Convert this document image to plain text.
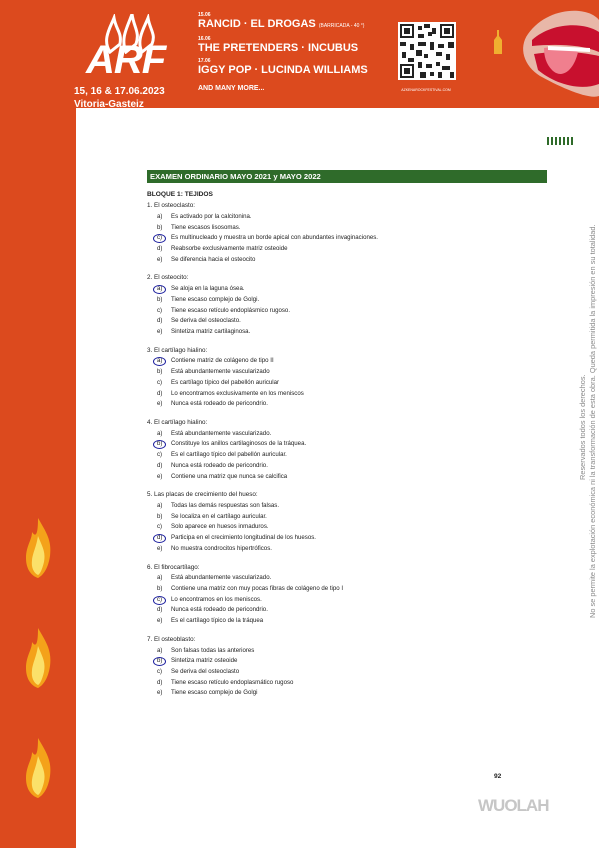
ARF
15, 16 & 17.06.2023
Vitoria-Gasteiz
15.06
RANCID · EL DROGAS (BARRICADA - 40 °)
16.06
THE PRETENDERS · INCUBUS
17.06
IGGY POP · LUCINDA WILLIAMS
AND MANY MORE...	AZKENAROCKFESTIVAL.COM
Reservados todos los derechos. No se permite la explotación económica ni la transformación de esta obra. Queda permitida la impresión en su totalidad.
EXAMEN ORDINARIO MAYO 2021 y MAYO 2022
BLOQUE 1: TEJIDOS
1. El osteoclasto:
a) Es activado por la calcitonina.
b) Tiene escasos lisosomas.
c) Es multinucleado y muestra un borde apical con abundantes invaginaciones.
d) Reabsorbe exclusivamente matriz osteoide
e) Se diferencia hacia el osteocito
2. El osteocito:
a) Se aloja en la laguna ósea.
b) Tiene escaso complejo de Golgi.
c) Tiene escaso retículo endoplásmico rugoso.
d) Se deriva del osteoclasto.
e) Sintetiza matriz cartilaginosa.
3. El cartílago hialino:
a) Contiene matriz de colágeno de tipo II
b) Está abundantemente vascularizado
c) Es cartílago típico del pabellón auricular
d) Lo encontramos exclusivamente en los meniscos
e) Nunca está rodeado de pericondrio.
4. El cartílago hialino:
a) Está abundantemente vascularizado.
b) Constituye los anillos cartilaginosos de la tráquea.
c) Es el cartílago típico del pabellón auricular.
d) Nunca está rodeado de pericondrio.
e) Contiene una matriz que nunca se calcifica
5. Las placas de crecimiento del hueso:
a) Todas las demás respuestas son falsas.
b) Se localiza en el cartílago auricular.
c) Solo aparece en huesos inmaduros.
d) Participa en el crecimiento longitudinal de los huesos.
e) No muestra condrocitos hipertróficos.
6. El fibrocartílago:
a) Está abundantemente vascularizado.
b) Contiene una matriz con muy pocas fibras de colágeno de tipo I
c) Lo encontramos en los meniscos.
d) Nunca está rodeado de pericondrio.
e) Es el cartílago típico de la tráquea
7. El osteoblasto:
a) Son falsas todas las anteriores
b) Sintetiza matriz osteoide
c) Se deriva del osteoclasto
d) Tiene escaso retículo endoplasmático rugoso
e) Tiene escaso complejo de Golgi
92
WUOLAH
